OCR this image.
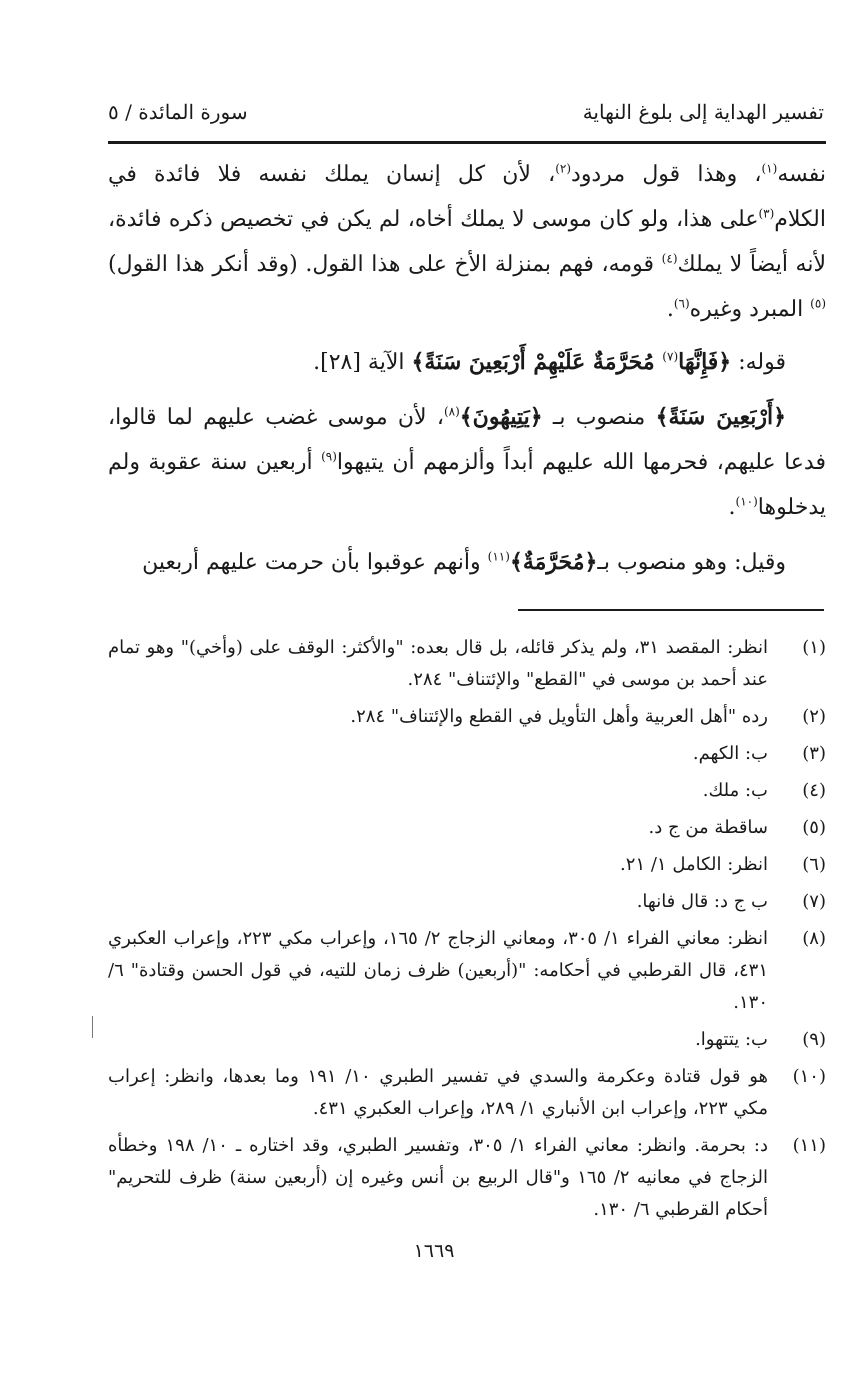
تفسير الهداية إلى بلوغ النهاية
سورة المائدة / ٥

نفسه$^{(١)}$، وهذا قول مردود$^{(٢)}$، لأن كل إنسان يملك نفسه فلا فائدة في الكلام$^{(٣)}$على هذا، ولو كان موسى لا يملك أخاه، لم يكن في تخصيص ذكره فائدة، لأنه أيضاً لا يملك$^{(٤)}$ قومه، فهم بمنزلة الأخ على هذا القول. (وقد أنكر هذا القول)$^{(٥)}$ المبرد وغيره$^{(٦)}$.

قوله: ﴿فَإِنَّهَا$^{(٧)}$ مُحَرَّمَةٌ عَلَيْهِمْ أَرْبَعِينَ سَنَةً﴾ الآية [٢٨].

﴿أَرْبَعِينَ سَنَةً﴾ منصوب بـ ﴿يَتِيهُونَ﴾$^{(٨)}$، لأن موسى غضب عليهم لما قالوا، فدعا عليهم، فحرمها الله عليهم أبداً وألزمهم أن يتيهوا$^{(٩)}$ أربعين سنة عقوبة ولم يدخلوها$^{(١٠)}$.

وقيل: وهو منصوب بـ﴿مُحَرَّمَةٌ﴾$^{(١١)}$ وأنهم عوقبوا بأن حرمت عليهم أربعين

(١)
انظر: المقصد ٣١، ولم يذكر قائله، بل قال بعده: "والأكثر: الوقف على (وأخي)" وهو تمام عند أحمد بن موسى في "القطع" والإئتناف" ٢٨٤.
(٢)
رده "أهل العربية وأهل التأويل في القطع والإئتناف" ٢٨٤.
(٣)
ب: الكهم.
(٤)
ب: ملك.
(٥)
ساقطة من ج د.
(٦)
انظر: الكامل ١/ ٢١.
(٧)
ب ج د: قال فانها.
(٨)
انظر: معاني الفراء ١/ ٣٠٥، ومعاني الزجاج ٢/ ١٦٥، وإعراب مكي ٢٢٣، وإعراب العكبري ٤٣١، قال القرطبي في أحكامه: "(أربعين) ظرف زمان للتيه، في قول الحسن وقتادة" ٦/ ١٣٠.
(٩)
ب: يتتهوا.
(١٠)
هو قول قتادة وعكرمة والسدي في تفسير الطبري ١٠/ ١٩١ وما بعدها، وانظر: إعراب مكي ٢٢٣، وإعراب ابن الأنباري ١/ ٢٨٩، وإعراب العكبري ٤٣١.
(١١)
د: بحرمة. وانظر: معاني الفراء ١/ ٣٠٥، وتفسير الطبري، وقد اختاره ـ ١٠/ ١٩٨ وخطأه الزجاج في معانيه ٢/ ١٦٥ و"قال الربيع بن أنس وغيره إن (أربعين سنة) ظرف للتحريم" أحكام القرطبي ٦/ ١٣٠.
١٦٦٩
